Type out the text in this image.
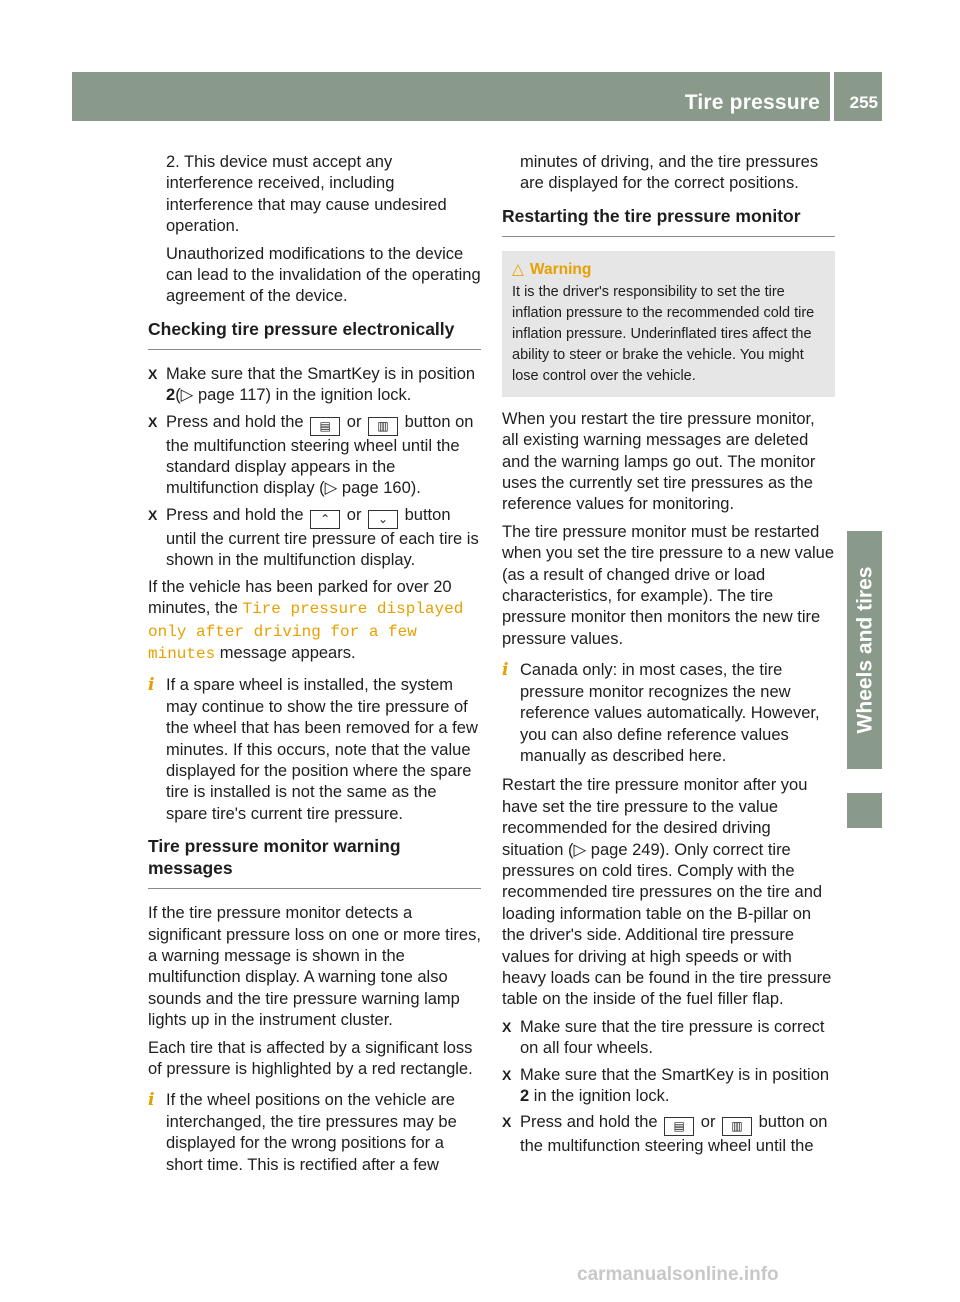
Tire pressure 255
Wheels and tires

2. This device must accept any interference received, including interference that may cause undesired operation.

Unauthorized modifications to the device can lead to the invalidation of the operating agreement of the device.

Checking tire pressure electronically
X Make sure that the SmartKey is in position 2(▷ page 117) in the ignition lock.
X Press and hold the ▤ or ▥ button on the multifunction steering wheel until the standard display appears in the multifunction display (▷ page 160).
X Press and hold the ⌃ or ⌄ button until the current tire pressure of each tire is shown in the multifunction display.

If the vehicle has been parked for over 20 minutes, the Tire pressure displayed only after driving for a few minutes message appears.

i If a spare wheel is installed, the system may continue to show the tire pressure of the wheel that has been removed for a few minutes. If this occurs, note that the value displayed for the position where the spare tire is installed is not the same as the spare tire's current tire pressure.
Tire pressure monitor warning messages

If the tire pressure monitor detects a significant pressure loss on one or more tires, a warning message is shown in the multifunction display. A warning tone also sounds and the tire pressure warning lamp lights up in the instrument cluster.

Each tire that is affected by a significant loss of pressure is highlighted by a red rectangle.

i If the wheel positions on the vehicle are interchanged, the tire pressures may be displayed for the wrong positions for a short time. This is rectified after a few

minutes of driving, and the tire pressures are displayed for the correct positions.

Restarting the tire pressure monitor
△ Warning
It is the driver's responsibility to set the tire inflation pressure to the recommended cold tire inflation pressure. Underinflated tires affect the ability to steer or brake the vehicle. You might lose control over the vehicle.

When you restart the tire pressure monitor, all existing warning messages are deleted and the warning lamps go out. The monitor uses the currently set tire pressures as the reference values for monitoring.

The tire pressure monitor must be restarted when you set the tire pressure to a new value (as a result of changed drive or load characteristics, for example). The tire pressure monitor then monitors the new tire pressure values.

i Canada only: in most cases, the tire pressure monitor recognizes the new reference values automatically. However, you can also define reference values manually as described here.

Restart the tire pressure monitor after you have set the tire pressure to the value recommended for the desired driving situation (▷ page 249). Only correct tire pressures on cold tires. Comply with the recommended tire pressures on the tire and loading information table on the B-pillar on the driver's side. Additional tire pressure values for driving at high speeds or with heavy loads can be found in the tire pressure table on the inside of the fuel filler flap.

X Make sure that the tire pressure is correct on all four wheels.
X Make sure that the SmartKey is in position 2 in the ignition lock.
X Press and hold the ▤ or ▥ button on the multifunction steering wheel until the
carmanualsonline.info
